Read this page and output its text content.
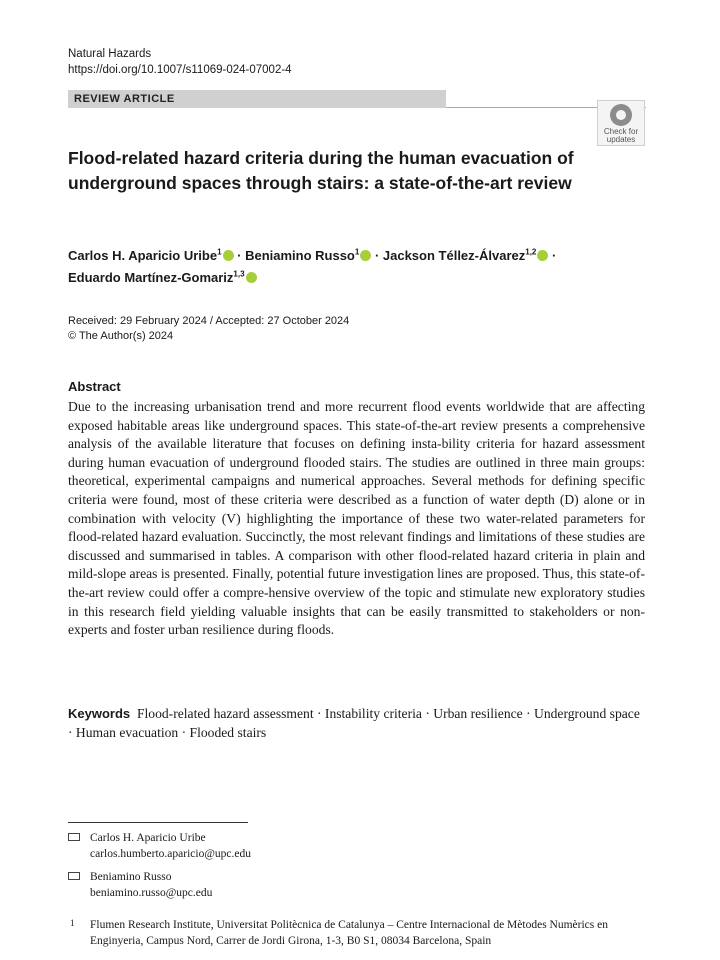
Natural Hazards
https://doi.org/10.1007/s11069-024-07002-4
REVIEW ARTICLE
Check for
updates
Flood-related hazard criteria during the human evacuation of underground spaces through stairs: a state-of-the-art review
Carlos H. Aparicio Uribe$^1$ · Beniamino Russo$^1$ · Jackson Téllez-Álvarez$^{1,2}$ ·
Eduardo Martínez-Gomariz$^{1,3}$
Received: 29 February 2024 / Accepted: 27 October 2024
© The Author(s) 2024
Abstract
Due to the increasing urbanisation trend and more recurrent flood events worldwide that are affecting exposed habitable areas like underground spaces. This state-of-the-art review presents a comprehensive analysis of the available literature that focuses on defining insta-bility criteria for hazard assessment during human evacuation of underground flooded stairs. The studies are outlined in three main groups: theoretical, experimental campaigns and numerical approaches. Several methods for defining specific criteria were found, most of these criteria were described as a function of water depth (D) alone or in combination with velocity (V) highlighting the importance of these two water-related parameters for flood-related hazard evaluation. Succinctly, the most relevant findings and limitations of these studies are discussed and summarised in tables. A comparison with other flood-related hazard criteria in plain and mild-slope areas is presented. Finally, potential future investigation lines are proposed. Thus, this state-of-the-art review could offer a compre-hensive overview of the topic and stimulate new exploratory studies in this research field yielding valuable insights that can be easily transmitted to stakeholders or non-experts and foster urban resilience during floods.
Keywords Flood-related hazard assessment · Instability criteria · Urban resilience · Underground space · Human evacuation · Flooded stairs
Carlos H. Aparicio Uribe
carlos.humberto.aparicio@upc.edu
Beniamino Russo
beniamino.russo@upc.edu
1 Flumen Research Institute, Universitat Politècnica de Catalunya – Centre Internacional de Mètodes Numèrics en Enginyeria, Campus Nord, Carrer de Jordi Girona, 1-3, B0 S1, 08034 Barcelona, Spain
